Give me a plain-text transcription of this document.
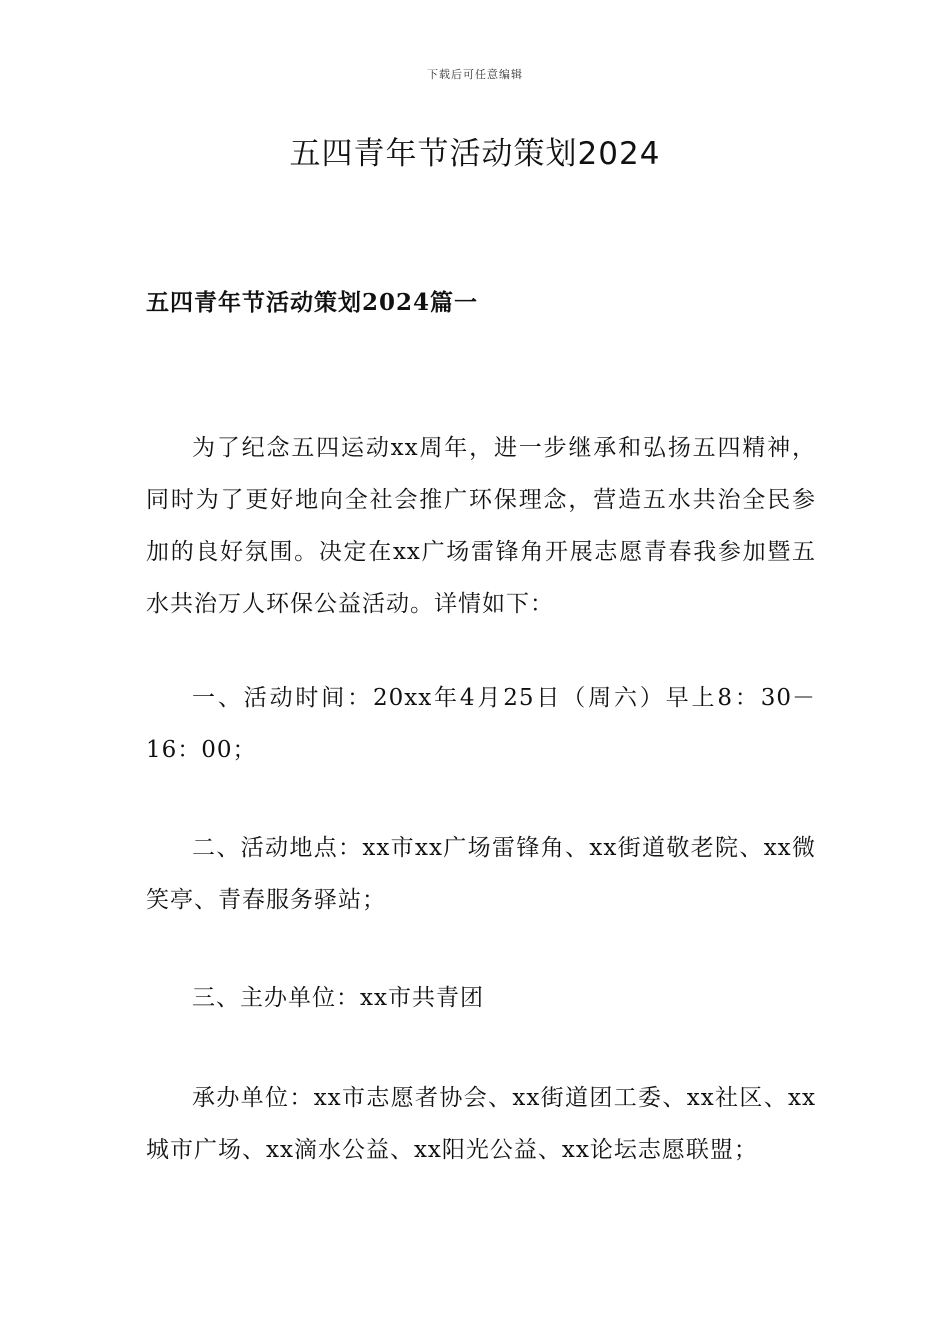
下载后可任意编辑
五四青年节活动策划2024
五四青年节活动策划2024篇一

为了纪念五四运动xx周年，进一步继承和弘扬五四精神，同时为了更好地向全社会推广环保理念，营造五水共治全民参加的良好氛围。决定在xx广场雷锋角开展志愿青春我参加暨五水共治万人环保公益活动。详情如下：

一、活动时间：20xx年4月25日（周六）早上8：30－16：00；

二、活动地点：xx市xx广场雷锋角、xx街道敬老院、xx微笑亭、青春服务驿站；

三、主办单位：xx市共青团

承办单位：xx市志愿者协会、xx街道团工委、xx社区、xx城市广场、xx滴水公益、xx阳光公益、xx论坛志愿联盟；
